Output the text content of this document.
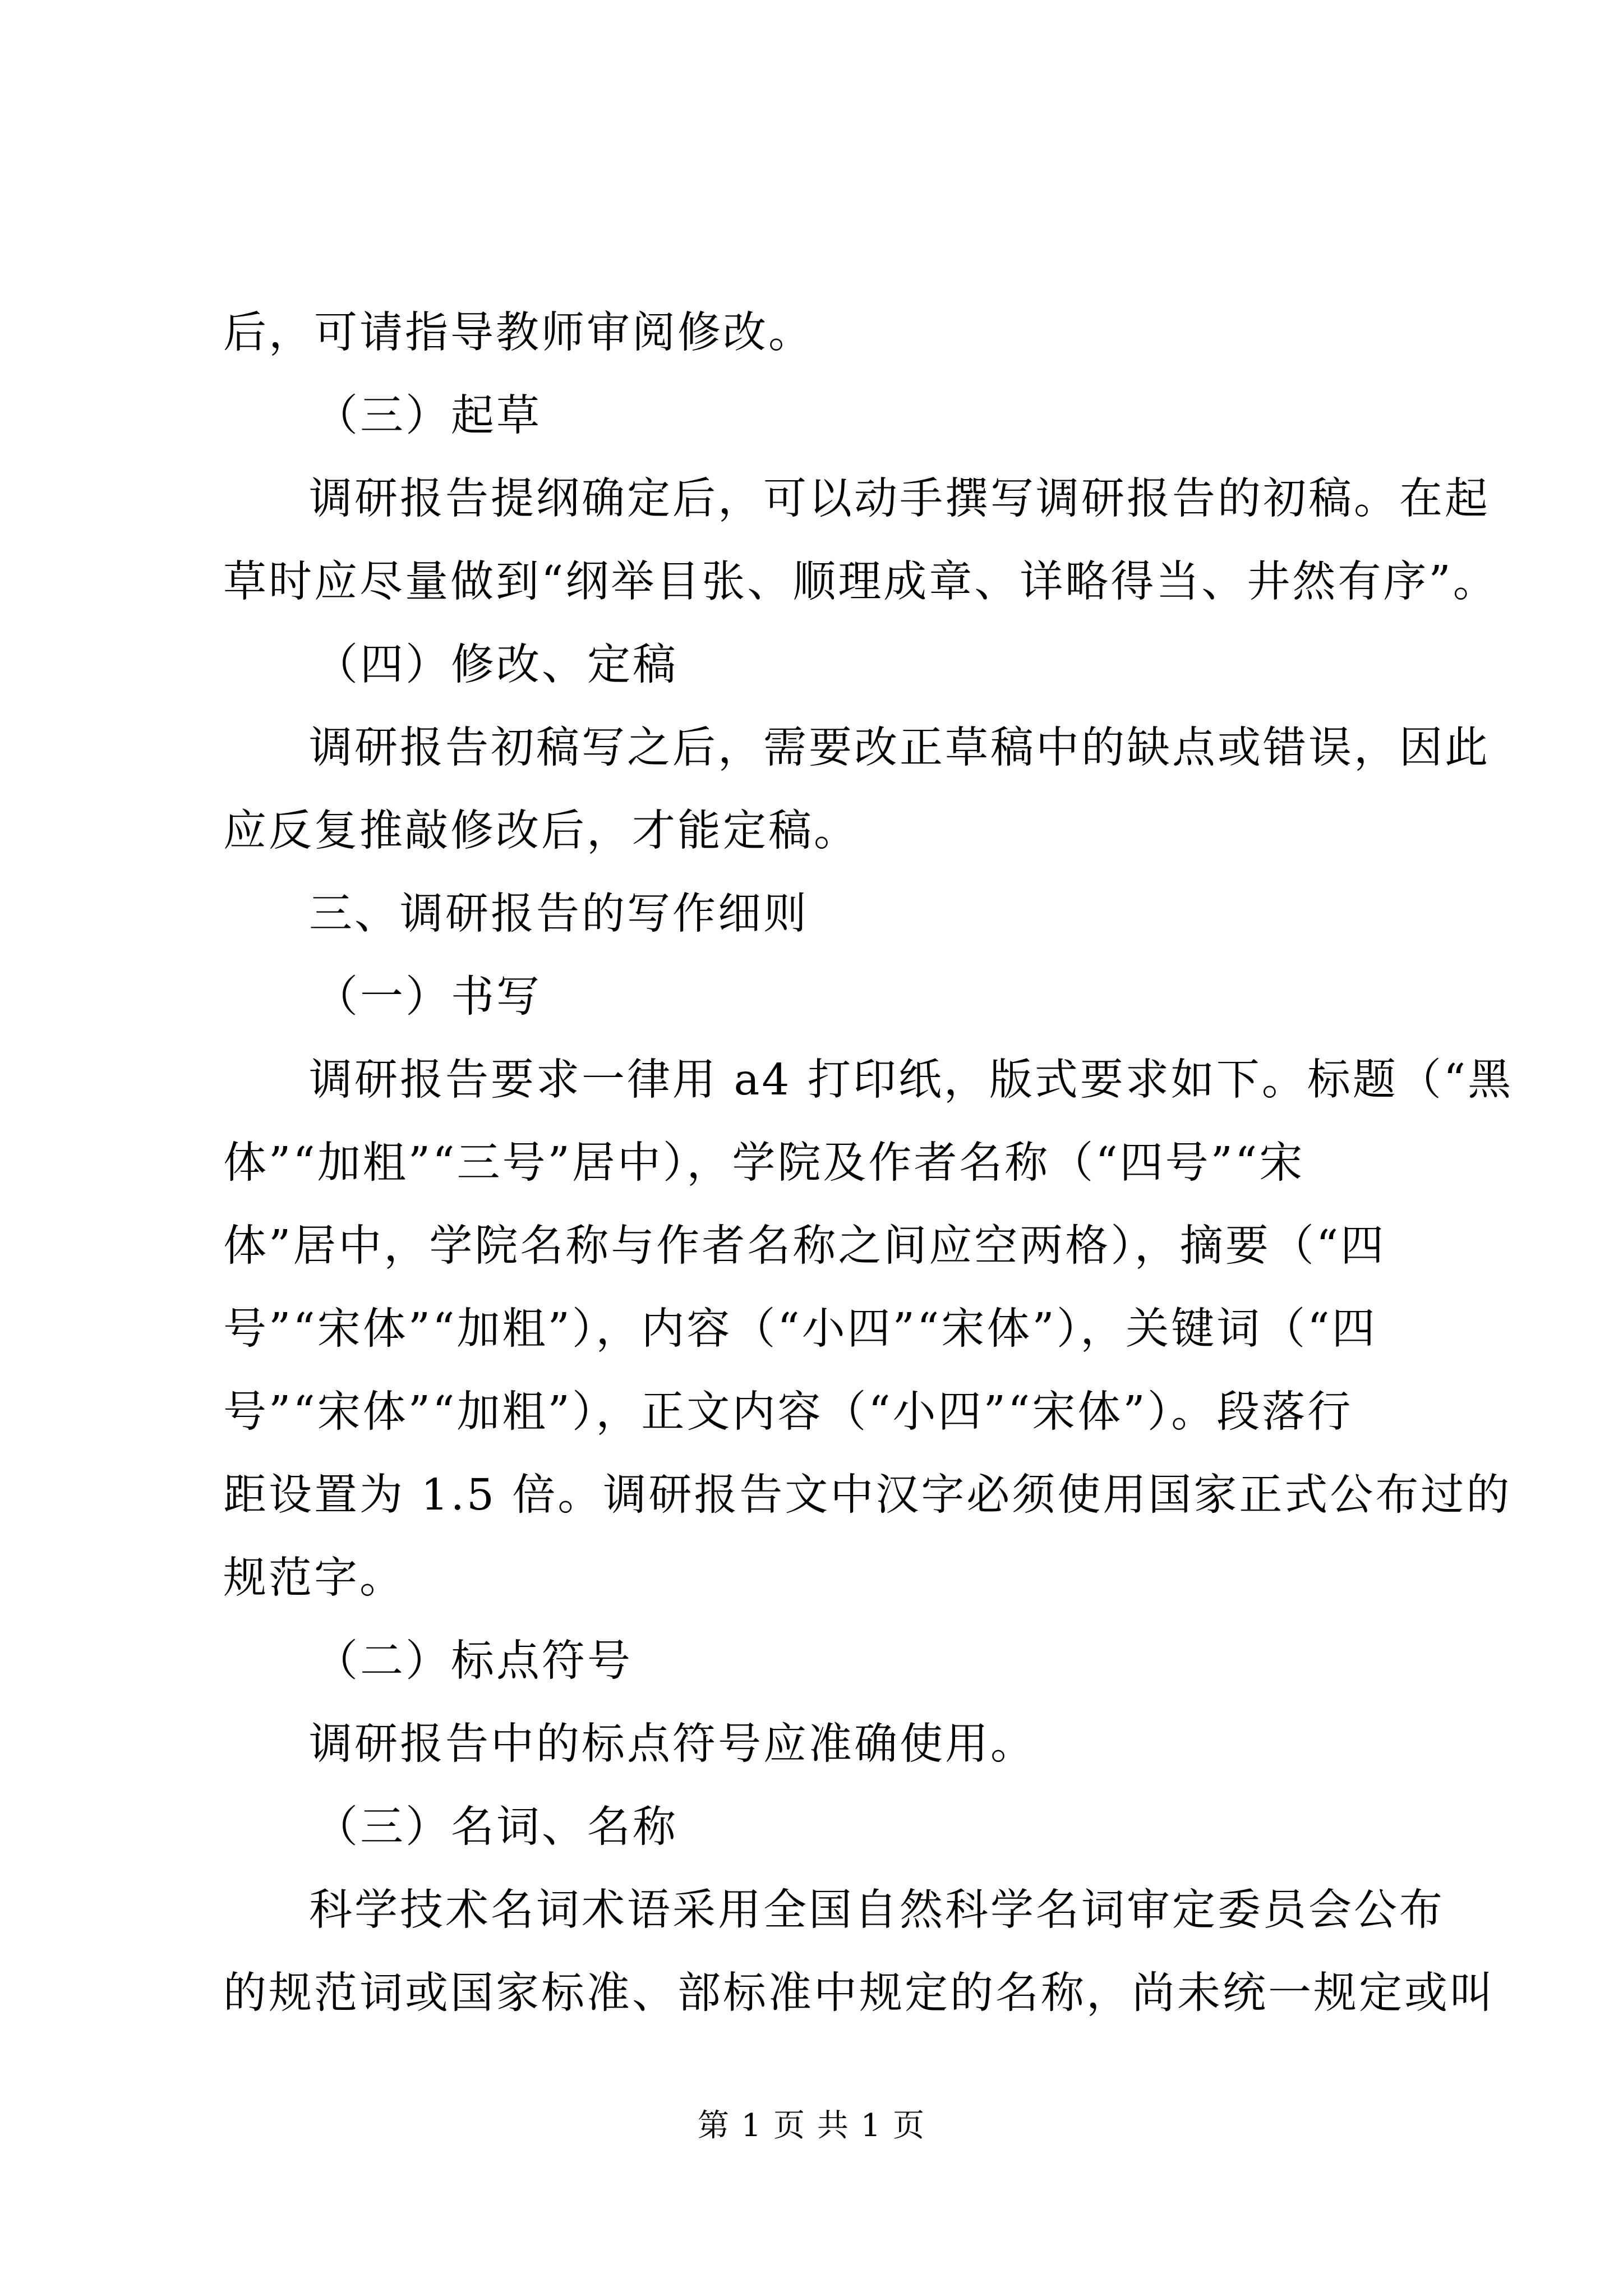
后，可请指导教师审阅修改。
（三）起草
调研报告提纲确定后，可以动手撰写调研报告的初稿。在起
草时应尽量做到“纲举目张、顺理成章、详略得当、井然有序”。
（四）修改、定稿
调研报告初稿写之后，需要改正草稿中的缺点或错误，因此
应反复推敲修改后，才能定稿。
三、调研报告的写作细则
（一）书写
调研报告要求一律用 a4 打印纸，版式要求如下。标题（“黑
体”“加粗”“三号”居中），学院及作者名称（“四号”“宋
体”居中，学院名称与作者名称之间应空两格），摘要（“四
号”“宋体”“加粗”），内容（“小四”“宋体”），关键词（“四
号”“宋体”“加粗”），正文内容（“小四”“宋体”）。段落行
距设置为 1.5 倍。调研报告文中汉字必须使用国家正式公布过的
规范字。
（二）标点符号
调研报告中的标点符号应准确使用。
（三）名词、名称
科学技术名词术语采用全国自然科学名词审定委员会公布
的规范词或国家标准、部标准中规定的名称，尚未统一规定或叫
第 1 页 共 1 页
